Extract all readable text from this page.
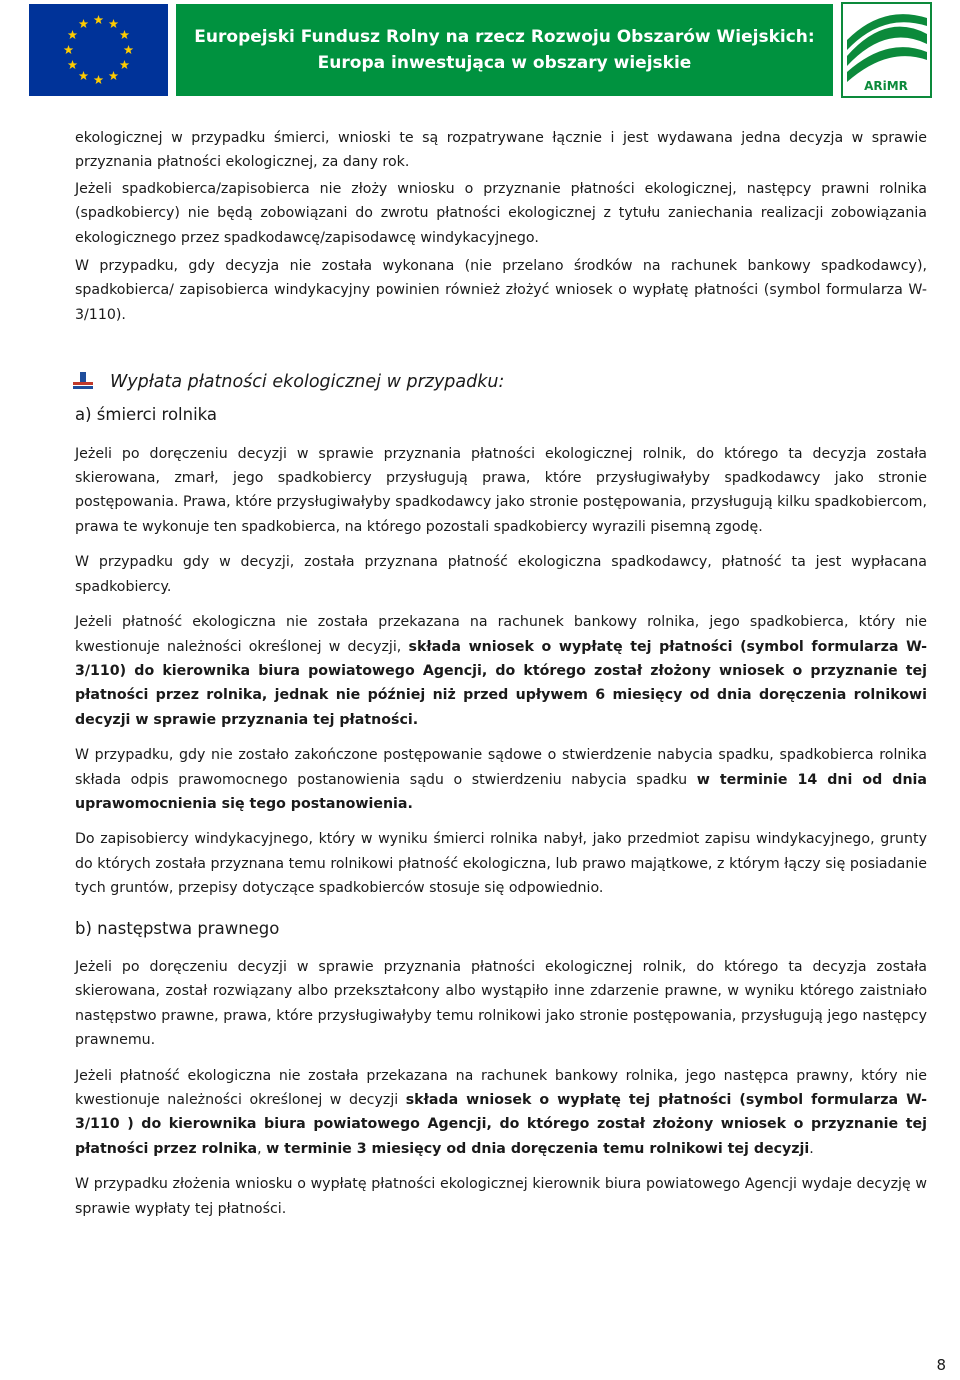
Europejski Fundusz Rolny na rzecz Rozwoju Obszarów Wiejskich:
Europa inwestująca w obszary wiejskie
ARiMR

ekologicznej w przypadku śmierci, wnioski te są rozpatrywane łącznie i jest wydawana jedna decyzja w sprawie przyznania płatności ekologicznej, za dany rok.

Jeżeli spadkobierca/zapisobierca nie złoży wniosku o przyznanie płatności ekologicznej, następcy prawni rolnika (spadkobiercy) nie będą zobowiązani do zwrotu płatności ekologicznej z tytułu zaniechania realizacji zobowiązania ekologicznego przez spadkodawcę/zapisodawcę windykacyjnego.

W przypadku, gdy decyzja nie została wykonana (nie przelano środków na rachunek bankowy spadkodawcy), spadkobierca/ zapisobierca windykacyjny powinien również złożyć wniosek o wypłatę płatności (symbol formularza W-3/110).

Wypłata płatności ekologicznej w przypadku:
a) śmierci rolnika

Jeżeli po doręczeniu decyzji w sprawie przyznania płatności ekologicznej rolnik, do którego ta decyzja została skierowana, zmarł, jego spadkobiercy przysługują prawa, które przysługiwałyby spadkodawcy jako stronie postępowania. Prawa, które przysługiwałyby spadkodawcy jako stronie postępowania, przysługują kilku spadkobiercom, prawa te wykonuje ten spadkobierca, na którego pozostali spadkobiercy wyrazili pisemną zgodę.

W przypadku gdy w decyzji, została przyznana płatność ekologiczna spadkodawcy, płatność ta jest wypłacana spadkobiercy.

Jeżeli płatność ekologiczna nie została przekazana na rachunek bankowy rolnika, jego spadkobierca, który nie kwestionuje należności określonej w decyzji, składa wniosek o wypłatę tej płatności (symbol formularza W-3/110) do kierownika biura powiatowego Agencji, do którego został złożony wniosek o przyznanie tej płatności przez rolnika, jednak nie później niż przed upływem 6 miesięcy od dnia doręczenia rolnikowi decyzji w sprawie przyznania tej płatności.

W przypadku, gdy nie zostało zakończone postępowanie sądowe o stwierdzenie nabycia spadku, spadkobierca rolnika składa odpis prawomocnego postanowienia sądu o stwierdzeniu nabycia spadku w terminie 14 dni od dnia uprawomocnienia się tego postanowienia.

Do zapisobiercy windykacyjnego, który w wyniku śmierci rolnika nabył, jako przedmiot zapisu windykacyjnego, grunty do których została przyznana temu rolnikowi płatność ekologiczna, lub prawo majątkowe, z którym łączy się posiadanie tych gruntów, przepisy dotyczące spadkobierców stosuje się odpowiednio.

b) następstwa prawnego

Jeżeli po doręczeniu decyzji w sprawie przyznania płatności ekologicznej rolnik, do którego ta decyzja została skierowana, został rozwiązany albo przekształcony albo wystąpiło inne zdarzenie prawne, w wyniku którego zaistniało następstwo prawne, prawa, które przysługiwałyby temu rolnikowi jako stronie postępowania, przysługują jego następcy prawnemu.

Jeżeli płatność ekologiczna nie została przekazana na rachunek bankowy rolnika, jego następca prawny, który nie kwestionuje należności określonej w decyzji składa wniosek o wypłatę tej płatności (symbol formularza W-3/110 ) do kierownika biura powiatowego Agencji, do którego został złożony wniosek o przyznanie tej płatności przez rolnika, w terminie 3 miesięcy od dnia doręczenia temu rolnikowi tej decyzji.

W przypadku złożenia wniosku o wypłatę płatności ekologicznej kierownik biura powiatowego Agencji wydaje decyzję w sprawie wypłaty tej płatności.

8
